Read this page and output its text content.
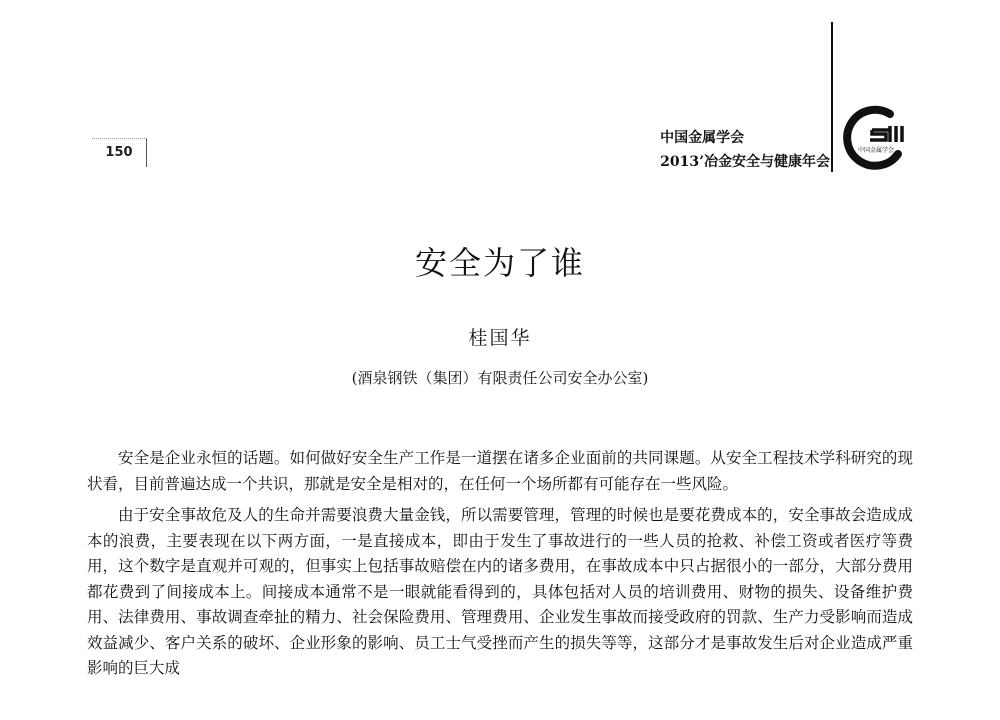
150
中国金属学会
2013’冶金安全与健康年会
中国金属学会
安全为了谁
桂国华
(酒泉钢铁（集团）有限责任公司安全办公室)

安全是企业永恒的话题。如何做好安全生产工作是一道摆在诸多企业面前的共同课题。从安全工程技术学科研究的现状看，目前普遍达成一个共识，那就是安全是相对的，在任何一个场所都有可能存在一些风险。

由于安全事故危及人的生命并需要浪费大量金钱，所以需要管理，管理的时候也是要花费成本的，安全事故会造成成本的浪费，主要表现在以下两方面，一是直接成本，即由于发生了事故进行的一些人员的抢救、补偿工资或者医疗等费用，这个数字是直观并可观的，但事实上包括事故赔偿在内的诸多费用，在事故成本中只占据很小的一部分，大部分费用都花费到了间接成本上。间接成本通常不是一眼就能看得到的，具体包括对人员的培训费用、财物的损失、设备维护费用、法律费用、事故调查牵扯的精力、社会保险费用、管理费用、企业发生事故而接受政府的罚款、生产力受影响而造成效益减少、客户关系的破坏、企业形象的影响、员工士气受挫而产生的损失等等，这部分才是事故发生后对企业造成严重影响的巨大成
